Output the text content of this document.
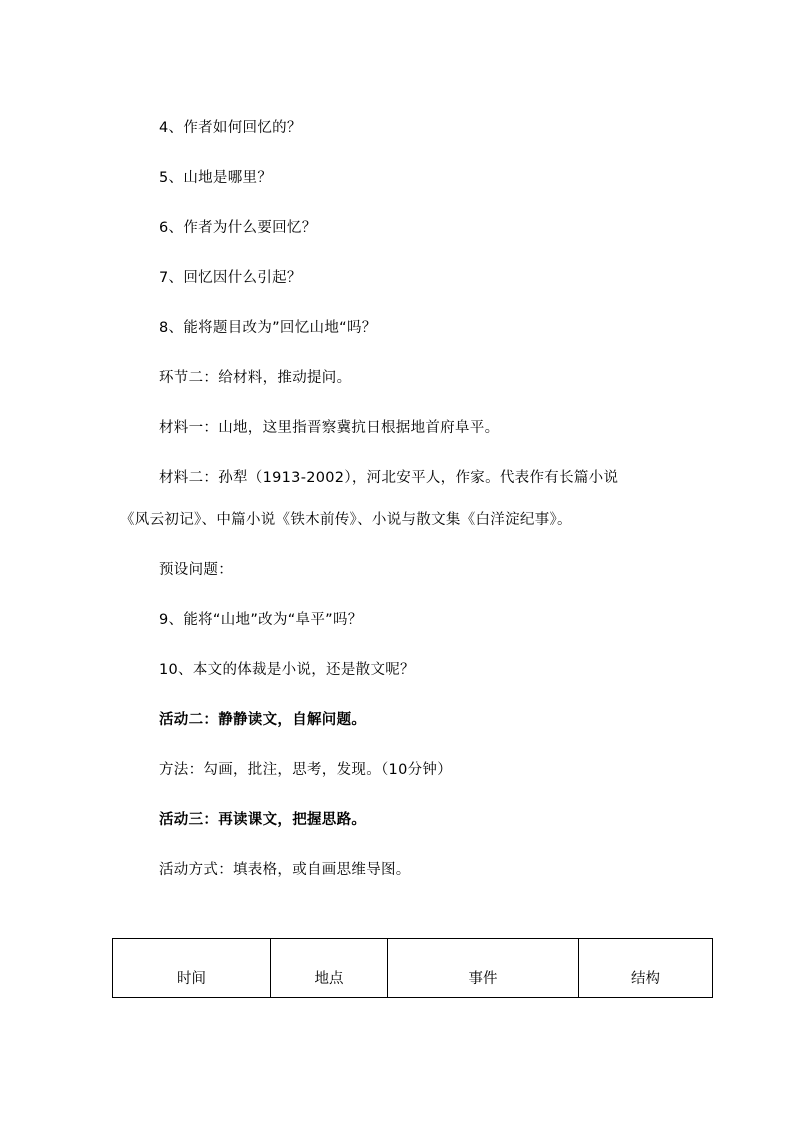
4、作者如何回忆的？
5、山地是哪里？
6、作者为什么要回忆？
7、回忆因什么引起？
8、能将题目改为”回忆山地“吗？
环节二：给材料，推动提问。
材料一：山地，这里指晋察冀抗日根据地首府阜平。
材料二：孙犁（1913-2002），河北安平人，作家。代表作有长篇小说
《风云初记》、中篇小说《铁木前传》、小说与散文集《白洋淀纪事》。
预设问题：
9、能将“山地”改为“阜平”吗？
10、本文的体裁是小说，还是散文呢？
活动二：静静读文，自解问题。
方法：勾画，批注，思考，发现。（10分钟）
活动三：再读课文，把握思路。
活动方式：填表格，或自画思维导图。
时间	地点	事件	结构
